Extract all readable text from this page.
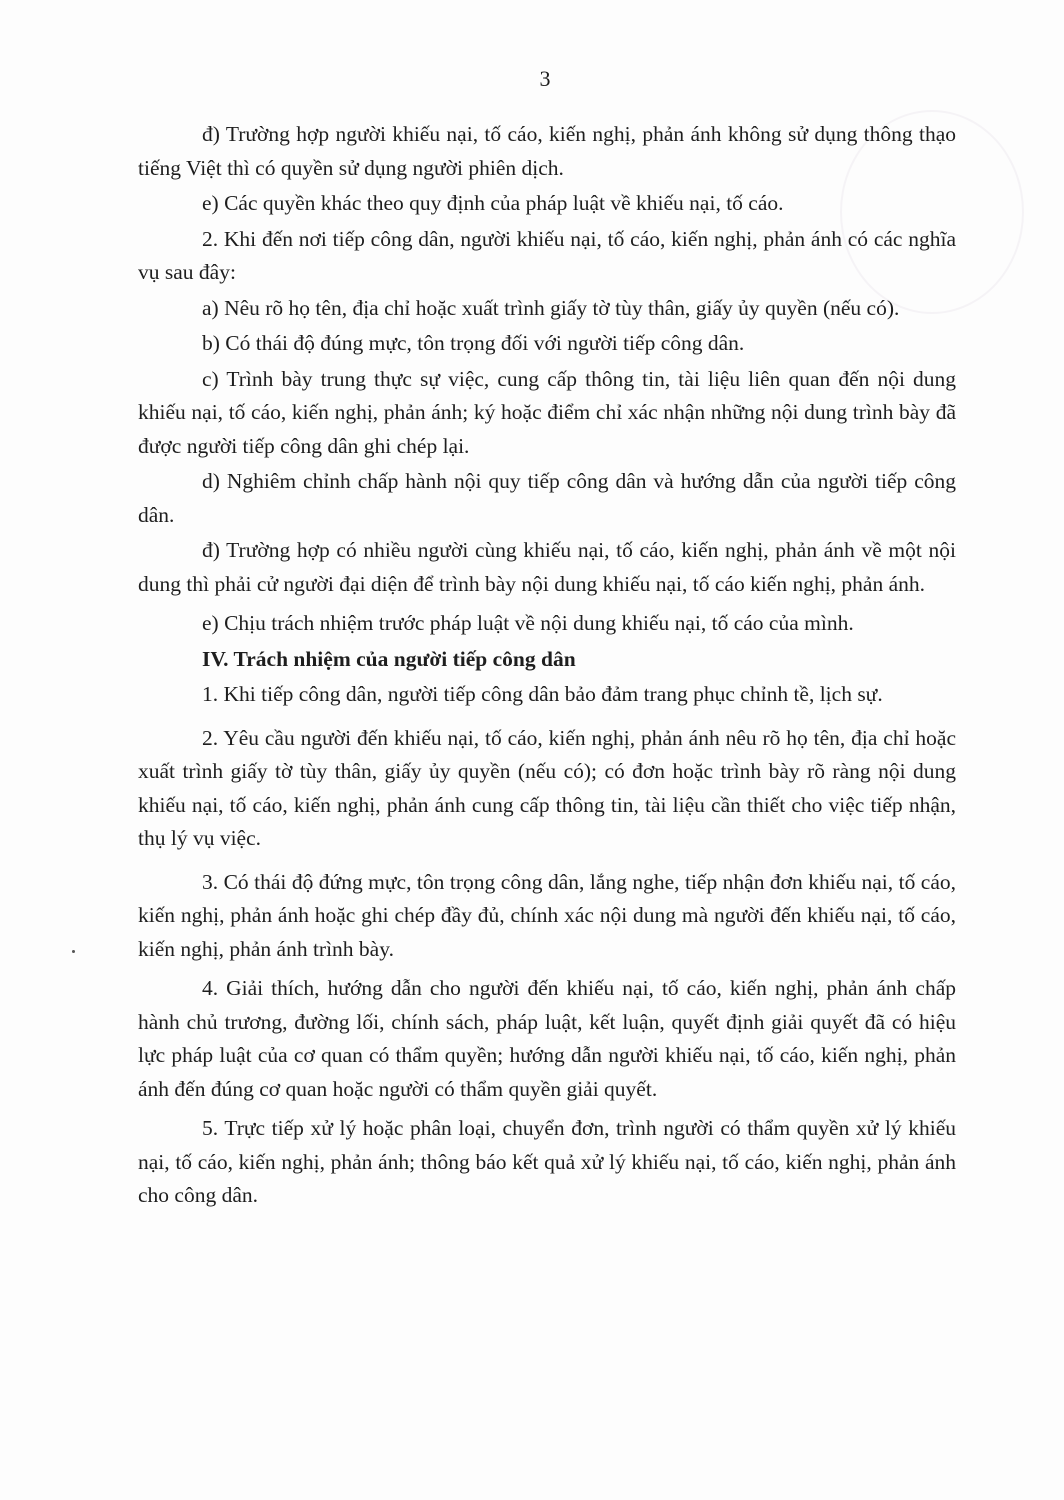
3

đ) Trường hợp người khiếu nại, tố cáo, kiến nghị, phản ánh không sử dụng thông thạo tiếng Việt thì có quyền sử dụng người phiên dịch.

e) Các quyền khác theo quy định của pháp luật về khiếu nại, tố cáo.

2. Khi đến nơi tiếp công dân, người khiếu nại, tố cáo, kiến nghị, phản ánh có các nghĩa vụ sau đây:

a) Nêu rõ họ tên, địa chỉ hoặc xuất trình giấy tờ tùy thân, giấy ủy quyền (nếu có).

b) Có thái độ đúng mực, tôn trọng đối với người tiếp công dân.

c) Trình bày trung thực sự việc, cung cấp thông tin, tài liệu liên quan đến nội dung khiếu nại, tố cáo, kiến nghị, phản ánh; ký hoặc điểm chỉ xác nhận những nội dung trình bày đã được người tiếp công dân ghi chép lại.

d) Nghiêm chỉnh chấp hành nội quy tiếp công dân và hướng dẫn của người tiếp công dân.

đ) Trường hợp có nhiều người cùng khiếu nại, tố cáo, kiến nghị, phản ánh về một nội dung thì phải cử người đại diện để trình bày nội dung khiếu nại, tố cáo kiến nghị, phản ánh.

e) Chịu trách nhiệm trước pháp luật về nội dung khiếu nại, tố cáo của mình.

IV. Trách nhiệm của người tiếp công dân

1. Khi tiếp công dân, người tiếp công dân bảo đảm trang phục chỉnh tề, lịch sự.

2. Yêu cầu người đến khiếu nại, tố cáo, kiến nghị, phản ánh nêu rõ họ tên, địa chỉ hoặc xuất trình giấy tờ tùy thân, giấy ủy quyền (nếu có); có đơn hoặc trình bày rõ ràng nội dung khiếu nại, tố cáo, kiến nghị, phản ánh cung cấp thông tin, tài liệu cần thiết cho việc tiếp nhận, thụ lý vụ việc.

3. Có thái độ đứng mực, tôn trọng công dân, lắng nghe, tiếp nhận đơn khiếu nại, tố cáo, kiến nghị, phản ánh hoặc ghi chép đầy đủ, chính xác nội dung mà người đến khiếu nại, tố cáo, kiến nghị, phản ánh trình bày.

4. Giải thích, hướng dẫn cho người đến khiếu nại, tố cáo, kiến nghị, phản ánh chấp hành chủ trương, đường lối, chính sách, pháp luật, kết luận, quyết định giải quyết đã có hiệu lực pháp luật của cơ quan có thẩm quyền; hướng dẫn người khiếu nại, tố cáo, kiến nghị, phản ánh đến đúng cơ quan hoặc người có thẩm quyền giải quyết.

5. Trực tiếp xử lý hoặc phân loại, chuyển đơn, trình người có thẩm quyền xử lý khiếu nại, tố cáo, kiến nghị, phản ánh; thông báo kết quả xử lý khiếu nại, tố cáo, kiến nghị, phản ánh cho công dân.
